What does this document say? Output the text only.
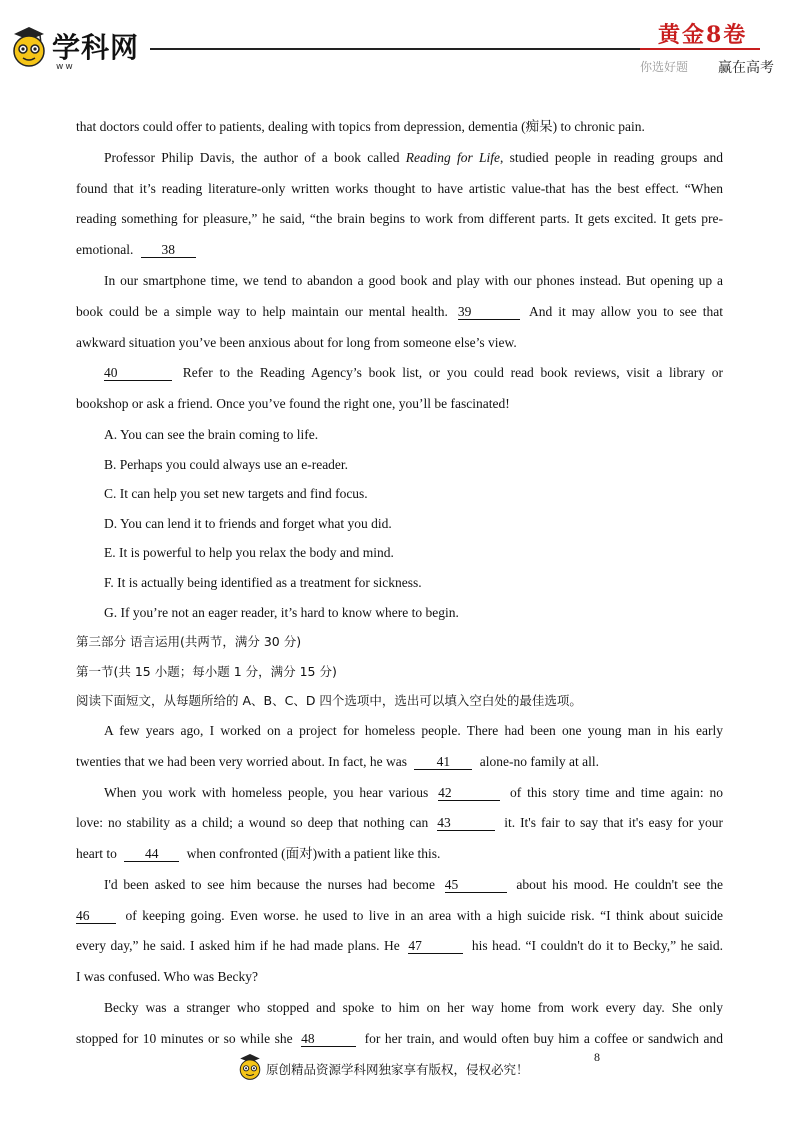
学科网
ww
黄金8卷
你选好题 赢在高考
that doctors could offer to patients, dealing with topics from depression, dementia (痴呆) to chronic pain.
Professor Philip Davis, the author of a book called Reading for Life, studied people in reading groups and
found that it’s reading literature-only written works thought to have artistic value-that has the best effect. “When
reading something for pleasure,” he said, “the brain begins to work from different parts. It gets excited. It gets pre-
emotional. 38
In our smartphone time, we tend to abandon a good book and play with our phones instead. But opening up a
book could be a simple way to help maintain our mental health. 39	And it may allow you to see that
awkward situation you’ve been anxious about for long from someone else’s view.
40	Refer to the Reading Agency’s book list, or you could read book reviews, visit a library or
bookshop or ask a friend. Once you’ve found the right one, you’ll be fascinated!
A. You can see the brain coming to life.
B. Perhaps you could always use an e-reader.
C. It can help you set new targets and find focus.
D. You can lend it to friends and forget what you did.
E. It is powerful to help you relax the body and mind.
F. It is actually being identified as a treatment for sickness.
G. If you’re not an eager reader, it’s hard to know where to begin.
第三部分 语言运用(共两节，满分 30 分)
第一节(共 15 小题；每小题 1 分，满分 15 分)
阅读下面短文，从每题所给的 A、B、C、D 四个选项中，选出可以填入空白处的最佳选项。
A few years ago, I worked on a project for homeless people. There had been one young man in his early
twenties that we had been very worried about. In fact, he was 41 alone-no family at all.
When you work with homeless people, you hear various 42	of this story time and time again: no
love: no stability as a child; a wound so deep that nothing can 43	it. It's fair to say that it's easy for your
heart to 44 when confronted (面对)with a patient like this.
I'd been asked to see him because the nurses had become 45	about his mood. He couldn't see the
46	of keeping going. Even worse. he used to live in an area with a high suicide risk. “I think about suicide
every day,” he said. I asked him if he had made plans. He 47	his head. “I couldn't do it to Becky,” he said.
I was confused. Who was Becky?
Becky was a stranger who stopped and spoke to him on her way home from work every day. She only
stopped for 10 minutes or so while she 48	for her train, and would often buy him a coffee or sandwich and
8
原创精品资源学科网独家享有版权，侵权必究！
